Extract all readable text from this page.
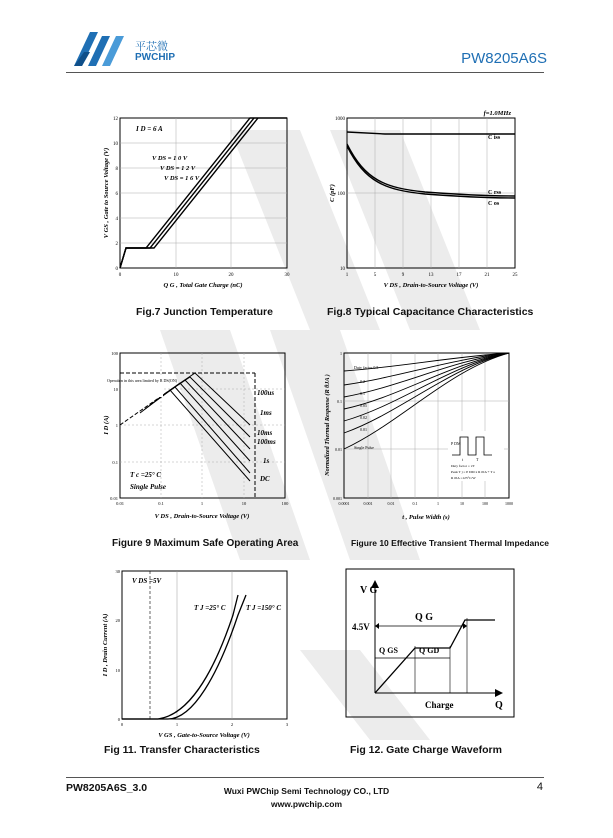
平芯微
PWCHIP	PW8205A6S
I D = 6 A
V DS = 1 0 V
V DS = 1 2 V
V DS = 1 6 V
0	10	20	30
0
2
4
6
8
10
12
Q G , Total Gate Charge (nC)
V GS , Gate to Source Voltage (V)
Fig.7 Junction Temperature
f=1.0MHz
C iss
C rss
C os
1	5	9	13	17	21	25
10
100
1000
V DS , Drain-to-Source Voltage (V)
C (pF)
Fig.8 Typical Capacitance Characteristics
Operation in this area limited by R DS(ON)
100us
1ms
10ms
100ms
1s
DC
T c =25° C
Single Pulse
0.01	0.1	1	10	100
0.01
0.1
1
10
100
V DS , Drain-to-Source Voltage (V)
I D (A)
Figure 9 Maximum Safe Operating Area
Duty factor 0.5
0.2
0.1
0.05
0.02
0.01
Single Pulse
P DM
t	T
Duty factor = t/T
Peak T j = P DM x R θJA + T a
R θJA =125°C/W
0.0001	0.001	0.01	0.1	1	10	100	1000
0.001
0.01
0.1
1
t , Pulse Width (s)
Normalized Thermal Response (R θJA )
Figure 10 Effective Transient Thermal Impedance
V DS =5V
T J =25° C	T J =150° C
0	1	2	3
0
10
20
30
V GS , Gate-to-Source Voltage (V)
I D , Drain Current (A)
Fig 11. Transfer Characteristics
V G
Q G
4.5V
Q GS	Q GD
Charge	Q
Fig 12. Gate Charge Waveform
PW8205A6S_3.0	Wuxi PWChip Semi Technology CO., LTD
www.pwchip.com
4
